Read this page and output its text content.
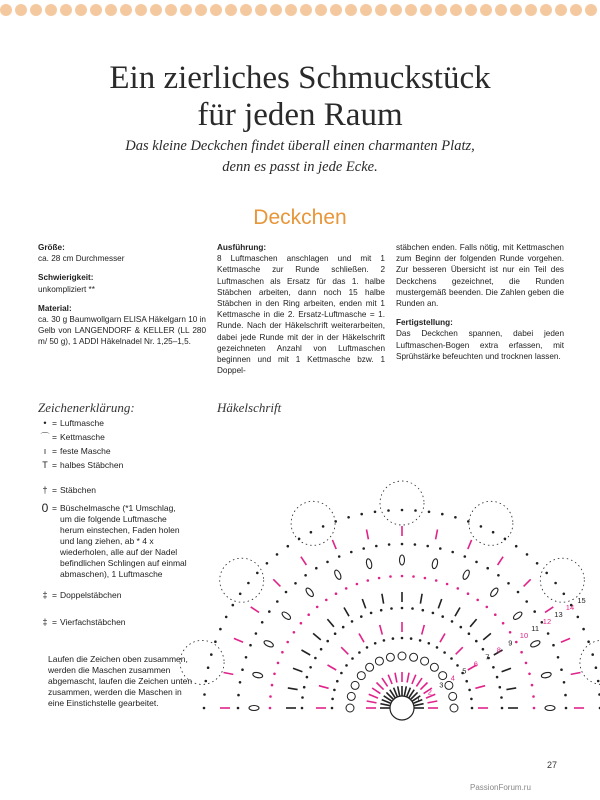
Ein zierliches Schmuckstück
für jeden Raum

Das kleine Deckchen findet überall einen charmanten Platz,
denn es passt in jede Ecke.

Deckchen
Größe:
ca. 28 cm Durchmesser
Schwierigkeit:
unkompliziert **
Material:
ca. 30 g Baumwollgarn ELISA Häkelgarn 10 in Gelb von LANGENDORF & KELLER (LL 280 m/ 50 g), 1 ADDI Häkelnadel Nr. 1,25–1,5.
Ausführung:
8 Luftmaschen anschlagen und mit 1 Kettmasche zur Runde schließen. 2 Luftmaschen als Ersatz für das 1. halbe Stäbchen arbeiten, dann noch 15 halbe Stäbchen in den Ring arbeiten, enden mit 1 Kettmasche in die 2. Ersatz-Luftmasche = 1. Runde. Nach der Häkelschrift weiterarbeiten, dabei jede Runde mit der in der Häkelschrift gezeichneten Anzahl von Luftmaschen beginnen und mit 1 Kettmasche bzw. 1 Doppel-
stäbchen enden. Falls nötig, mit Kettmaschen zum Beginn der folgenden Runde vorgehen. Zur besseren Übersicht ist nur ein Teil des Deckchens gezeichnet, die Runden mustergemäß beenden. Die Zahlen geben die Runden an.
Fertigstellung:
Das Deckchen spannen, dabei jeden Luftmaschen-Bogen extra erfassen, mit Sprühstärke befeuchten und trocknen lassen.
Zeichenerklärung:	Häkelschrift
• = Luftmasche
⌒ = Kettmasche
ı = feste Masche
T = halbes Stäbchen
† = Stäbchen
0 = Büschelmasche (*1 Umschlag, um die folgende Luftmasche herum einstechen, Faden holen und lang ziehen, ab * 4 x wiederholen, alle auf der Nadel befindlichen Schlingen auf einmal abmaschen), 1 Luftmasche
‡ = Doppelstäbchen
‡ = Vierfachstäbchen
Laufen die Zeichen oben zusammen, werden die Maschen zusammen abgemascht, laufen die Zeichen unten zusammen, werden die Maschen in eine Einstichstelle gearbeitet.	1
2
3
4
5
6
7
8
9
10
11
12
13
14
15
27
PassionForum.ru
